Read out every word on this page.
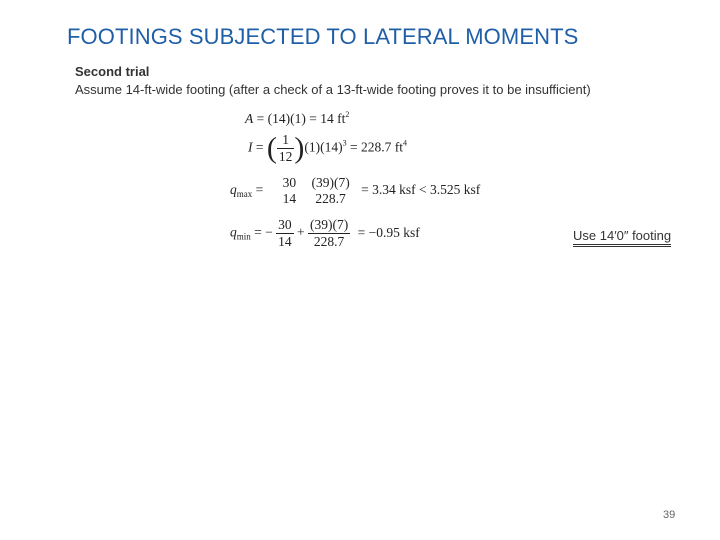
FOOTINGS SUBJECTED TO LATERAL MOMENTS
Second trial
Assume 14-ft-wide footing (after a check of a 13-ft-wide footing proves it to be insufficient)
A = (14)(1) = 14 $ft^2$
I = ( $\frac{1}{12} )(1)(14)^3 = 228.7$ $ft^4$
$q_{max} = 30$
14

(39)(7)
228.7
= 3.34 ksf < 3.525 ksf
$q_{min}$ = − $\frac{30}{14} + \frac{(39)(7)}{228.7} = -0.95$ ksf	Use 14′0″ footing
39
